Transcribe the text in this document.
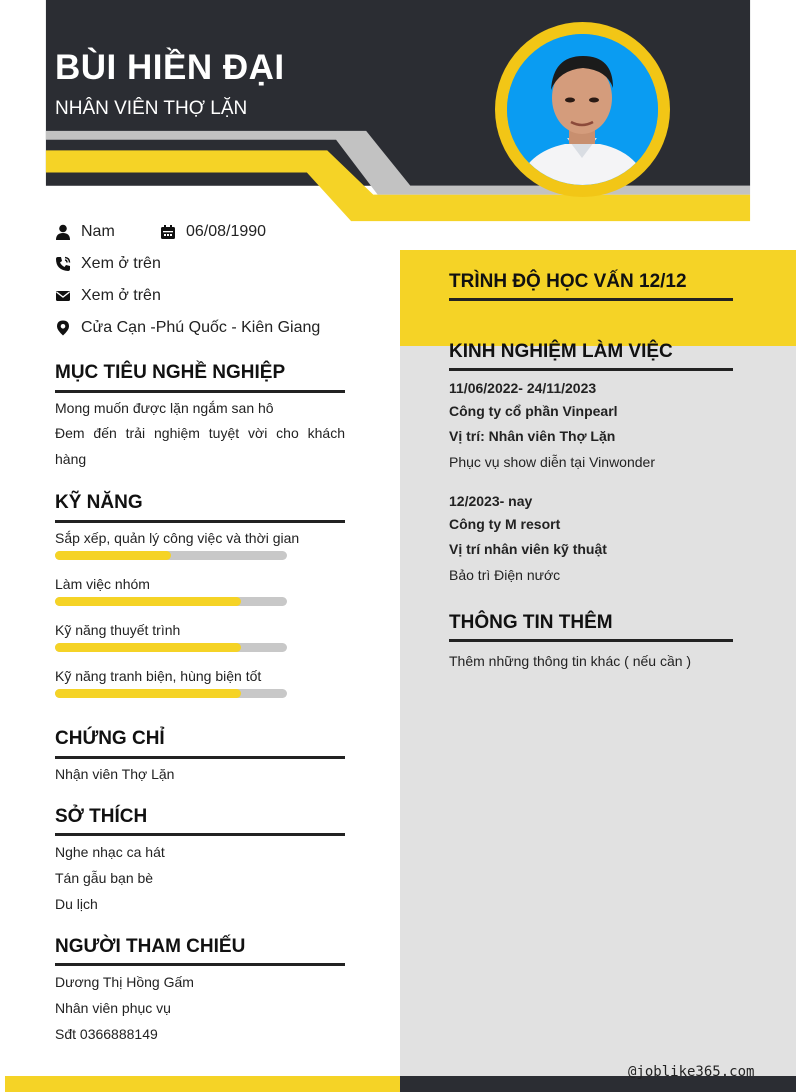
BÙI HIỀN ĐẠI
NHÂN VIÊN THỢ LẶN
Nam	06/08/1990
Xem ở trên
Xem ở trên
Cửa Cạn -Phú Quốc - Kiên Giang
MỤC TIÊU NGHỀ NGHIỆP
Mong muốn được lặn ngắm san hô
Đem đến trải nghiệm tuyệt vời cho khách hàng
KỸ NĂNG
Sắp xếp, quản lý công việc và thời gian
Làm việc nhóm
Kỹ năng thuyết trình
Kỹ năng tranh biện, hùng biện tốt
CHỨNG CHỈ
Nhận viên Thợ Lặn
SỞ THÍCH
Nghe nhạc ca hát
Tán gẫu bạn bè
Du lịch
NGƯỜI THAM CHIẾU
Dương Thị Hồng Gấm
Nhân viên phục vụ
Sđt 0366888149
TRÌNH ĐỘ HỌC VẤN 12/12
KINH NGHIỆM LÀM VIỆC
11/06/2022- 24/11/2023
Công ty cổ phần Vinpearl
Vị trí: Nhân viên Thợ Lặn
Phục vụ show diễn tại Vinwonder
12/2023- nay
Công ty M resort
Vị trí nhân viên kỹ thuật
Bảo trì Điện nước
THÔNG TIN THÊM
Thêm những thông tin khác ( nếu cần )
@joblike365.com
